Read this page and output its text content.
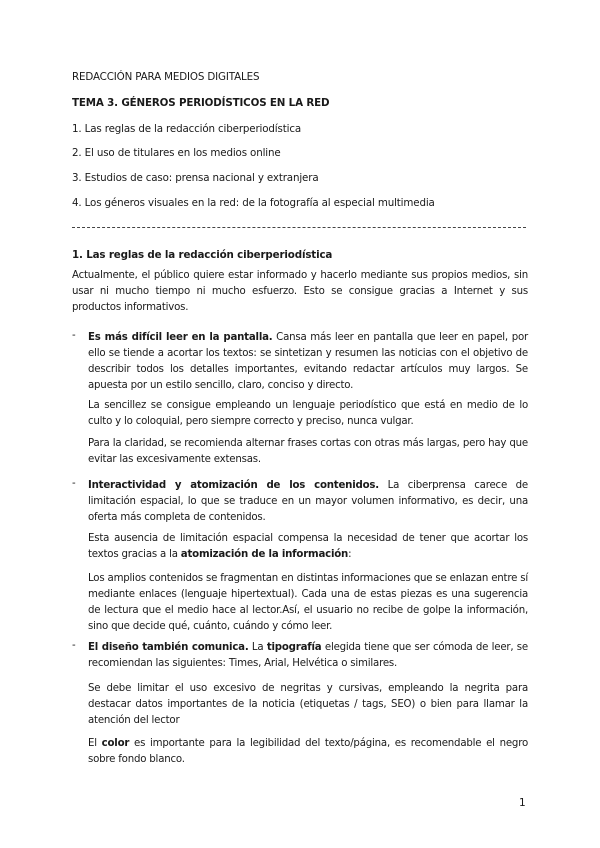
REDACCIÓN PARA MEDIOS DIGITALES

TEMA 3. GÉNEROS PERIODÍSTICOS EN LA RED

1. Las reglas de la redacción ciberperiodística

2. El uso de titulares en los medios online

3. Estudios de caso: prensa nacional y extranjera

4. Los géneros visuales en la red: de la fotografía al especial multimedia

1. Las reglas de la redacción ciberperiodística

Actualmente, el público quiere estar informado y hacerlo mediante sus propios medios, sin usar ni mucho tiempo ni mucho esfuerzo. Esto se consigue gracias a Internet y sus productos informativos.

- Es más difícil leer en la pantalla. Cansa más leer en pantalla que leer en papel, por ello se tiende a acortar los textos: se sintetizan y resumen las noticias con el objetivo de describir todos los detalles importantes, evitando redactar artículos muy largos. Se apuesta por un estilo sencillo, claro, conciso y directo.

La sencillez se consigue empleando un lenguaje periodístico que está en medio de lo culto y lo coloquial, pero siempre correcto y preciso, nunca vulgar.

Para la claridad, se recomienda alternar frases cortas con otras más largas, pero hay que evitar las excesivamente extensas.

- Interactividad y atomización de los contenidos. La ciberprensa carece de limitación espacial, lo que se traduce en un mayor volumen informativo, es decir, una oferta más completa de contenidos.

Esta ausencia de limitación espacial compensa la necesidad de tener que acortar los textos gracias a la atomización de la información:

Los amplios contenidos se fragmentan en distintas informaciones que se enlazan entre sí mediante enlaces (lenguaje hipertextual). Cada una de estas piezas es una sugerencia de lectura que el medio hace al lector.Así, el usuario no recibe de golpe la información, sino que decide qué, cuánto, cuándo y cómo leer.

- El diseño también comunica. La tipografía elegida tiene que ser cómoda de leer, se recomiendan las siguientes: Times, Arial, Helvética o similares.

Se debe limitar el uso excesivo de negritas y cursivas, empleando la negrita para destacar datos importantes de la noticia (etiquetas / tags, SEO) o bien para llamar la atención del lector

El color es importante para la legibilidad del texto/página, es recomendable el negro sobre fondo blanco.

1
